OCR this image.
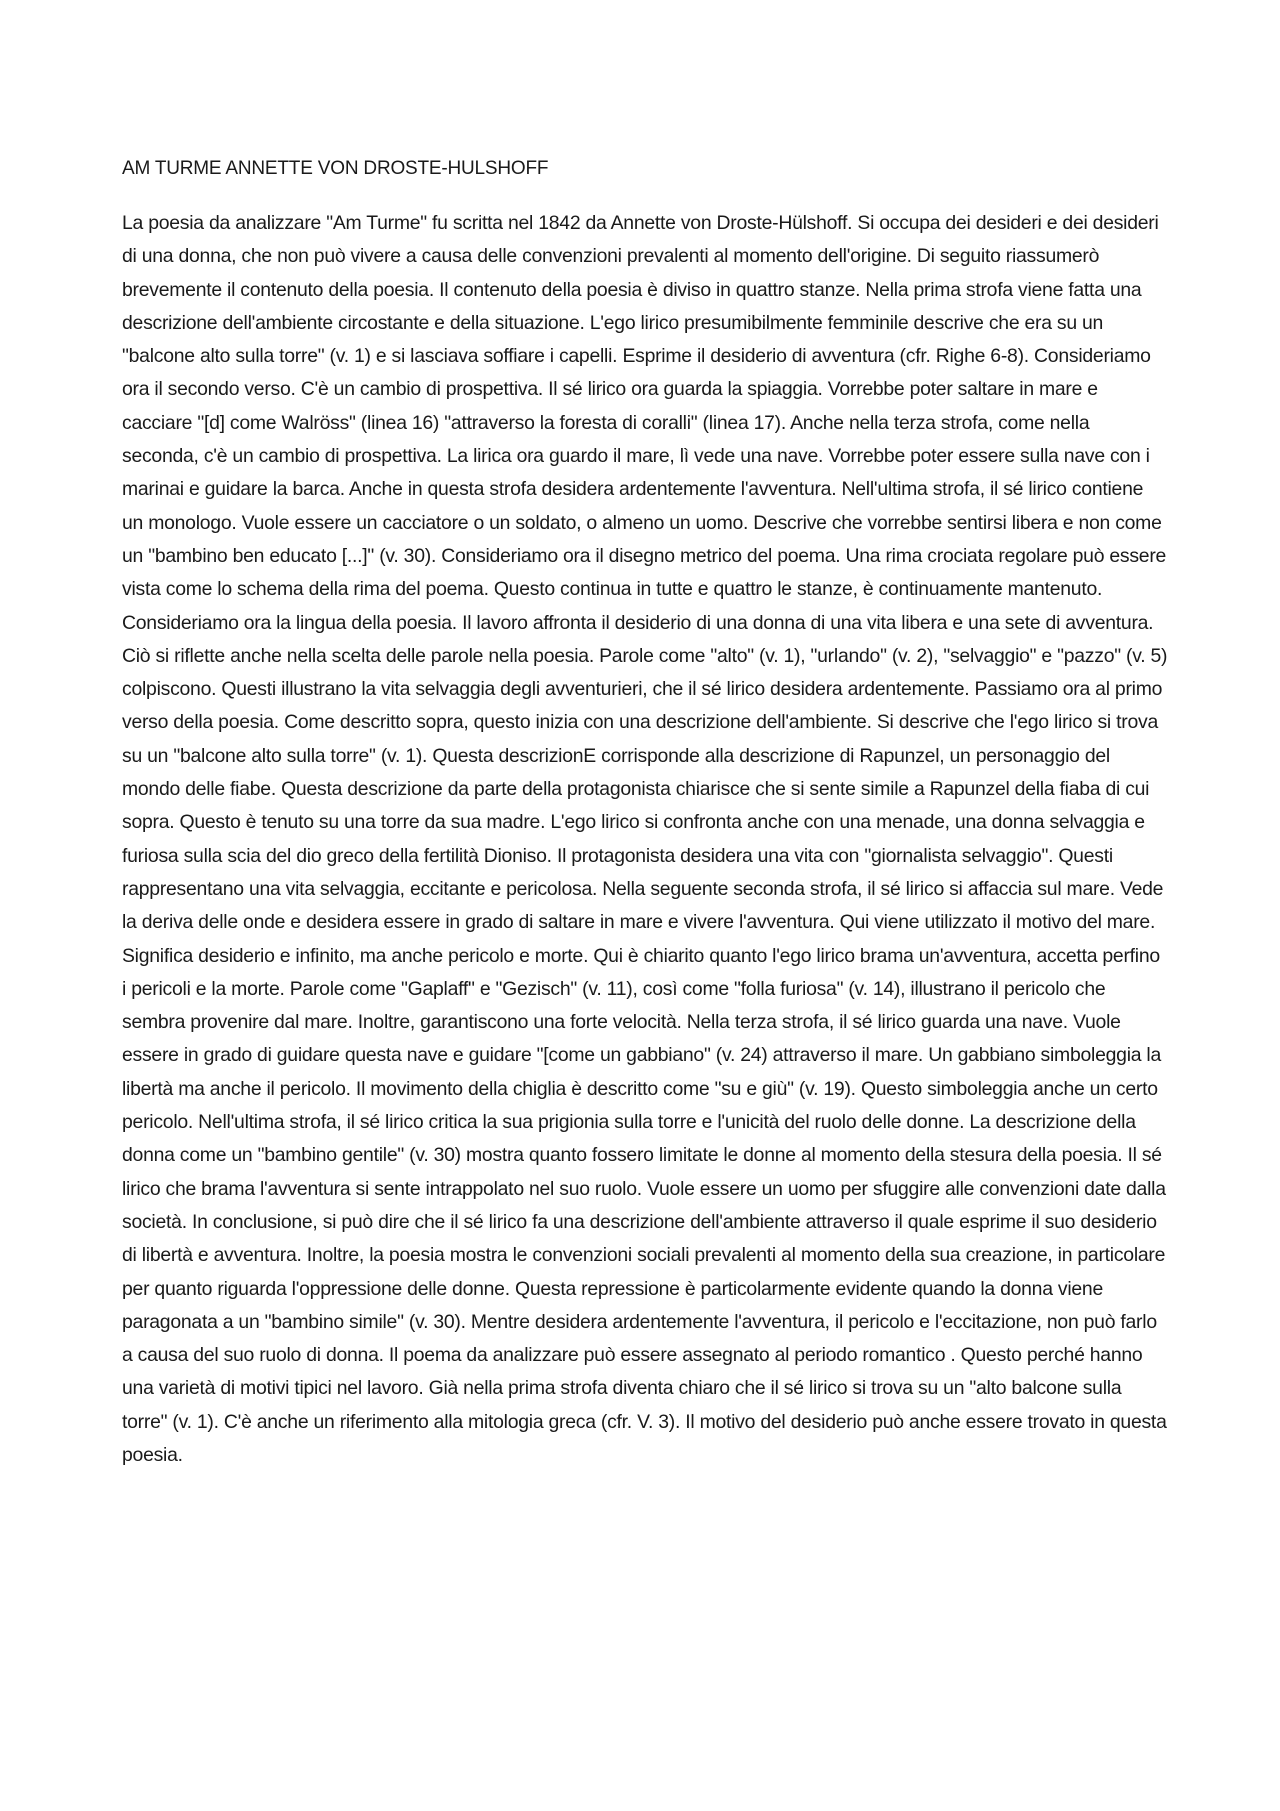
AM TURME ANNETTE VON DROSTE-HULSHOFF

La poesia da analizzare "Am Turme" fu scritta nel 1842 da Annette von Droste-Hülshoff. Si occupa dei desideri e dei desideri di una donna, che non può vivere a causa delle convenzioni prevalenti al momento dell'origine. Di seguito riassumerò brevemente il contenuto della poesia. Il contenuto della poesia è diviso in quattro stanze. Nella prima strofa viene fatta una descrizione dell'ambiente circostante e della situazione. L'ego lirico presumibilmente femminile descrive che era su un "balcone alto sulla torre" (v. 1) e si lasciava soffiare i capelli. Esprime il desiderio di avventura (cfr. Righe 6-8). Consideriamo ora il secondo verso. C'è un cambio di prospettiva. Il sé lirico ora guarda la spiaggia. Vorrebbe poter saltare in mare e cacciare "[d] come Walröss" (linea 16) "attraverso la foresta di coralli" (linea 17). Anche nella terza strofa, come nella seconda, c'è un cambio di prospettiva. La lirica ora guardo il mare, lì vede una nave. Vorrebbe poter essere sulla nave con i marinai e guidare la barca. Anche in questa strofa desidera ardentemente l'avventura. Nell'ultima strofa, il sé lirico contiene un monologo. Vuole essere un cacciatore o un soldato, o almeno un uomo. Descrive che vorrebbe sentirsi libera e non come un "bambino ben educato [...]" (v. 30). Consideriamo ora il disegno metrico del poema. Una rima crociata regolare può essere vista come lo schema della rima del poema. Questo continua in tutte e quattro le stanze, è continuamente mantenuto. Consideriamo ora la lingua della poesia. Il lavoro affronta il desiderio di una donna di una vita libera e una sete di avventura. Ciò si riflette anche nella scelta delle parole nella poesia. Parole come "alto" (v. 1), "urlando" (v. 2), "selvaggio" e "pazzo" (v. 5) colpiscono. Questi illustrano la vita selvaggia degli avventurieri, che il sé lirico desidera ardentemente. Passiamo ora al primo verso della poesia. Come descritto sopra, questo inizia con una descrizione dell'ambiente. Si descrive che l'ego lirico si trova su un "balcone alto sulla torre" (v. 1). Questa descrizionE corrisponde alla descrizione di Rapunzel, un personaggio del mondo delle fiabe. Questa descrizione da parte della protagonista chiarisce che si sente simile a Rapunzel della fiaba di cui sopra. Questo è tenuto su una torre da sua madre. L'ego lirico si confronta anche con una menade, una donna selvaggia e furiosa sulla scia del dio greco della fertilità Dioniso. Il protagonista desidera una vita con "giornalista selvaggio". Questi rappresentano una vita selvaggia, eccitante e pericolosa. Nella seguente seconda strofa, il sé lirico si affaccia sul mare. Vede la deriva delle onde e desidera essere in grado di saltare in mare e vivere l'avventura. Qui viene utilizzato il motivo del mare. Significa desiderio e infinito, ma anche pericolo e morte. Qui è chiarito quanto l'ego lirico brama un'avventura, accetta perfino i pericoli e la morte. Parole come "Gaplaff" e "Gezisch" (v. 11), così come "folla furiosa" (v. 14), illustrano il pericolo che sembra provenire dal mare. Inoltre, garantiscono una forte velocità. Nella terza strofa, il sé lirico guarda una nave. Vuole essere in grado di guidare questa nave e guidare "[come un gabbiano" (v. 24) attraverso il mare. Un gabbiano simboleggia la libertà ma anche il pericolo. Il movimento della chiglia è descritto come "su e giù" (v. 19). Questo simboleggia anche un certo pericolo. Nell'ultima strofa, il sé lirico critica la sua prigionia sulla torre e l'unicità del ruolo delle donne. La descrizione della donna come un "bambino gentile" (v. 30) mostra quanto fossero limitate le donne al momento della stesura della poesia. Il sé lirico che brama l'avventura si sente intrappolato nel suo ruolo. Vuole essere un uomo per sfuggire alle convenzioni date dalla società. In conclusione, si può dire che il sé lirico fa una descrizione dell'ambiente attraverso il quale esprime il suo desiderio di libertà e avventura. Inoltre, la poesia mostra le convenzioni sociali prevalenti al momento della sua creazione, in particolare per quanto riguarda l'oppressione delle donne. Questa repressione è particolarmente evidente quando la donna viene paragonata a un "bambino simile" (v. 30). Mentre desidera ardentemente l'avventura, il pericolo e l'eccitazione, non può farlo a causa del suo ruolo di donna. Il poema da analizzare può essere assegnato al periodo romantico . Questo perché hanno una varietà di motivi tipici nel lavoro. Già nella prima strofa diventa chiaro che il sé lirico si trova su un "alto balcone sulla torre" (v. 1). C'è anche un riferimento alla mitologia greca (cfr. V. 3). Il motivo del desiderio può anche essere trovato in questa poesia.
